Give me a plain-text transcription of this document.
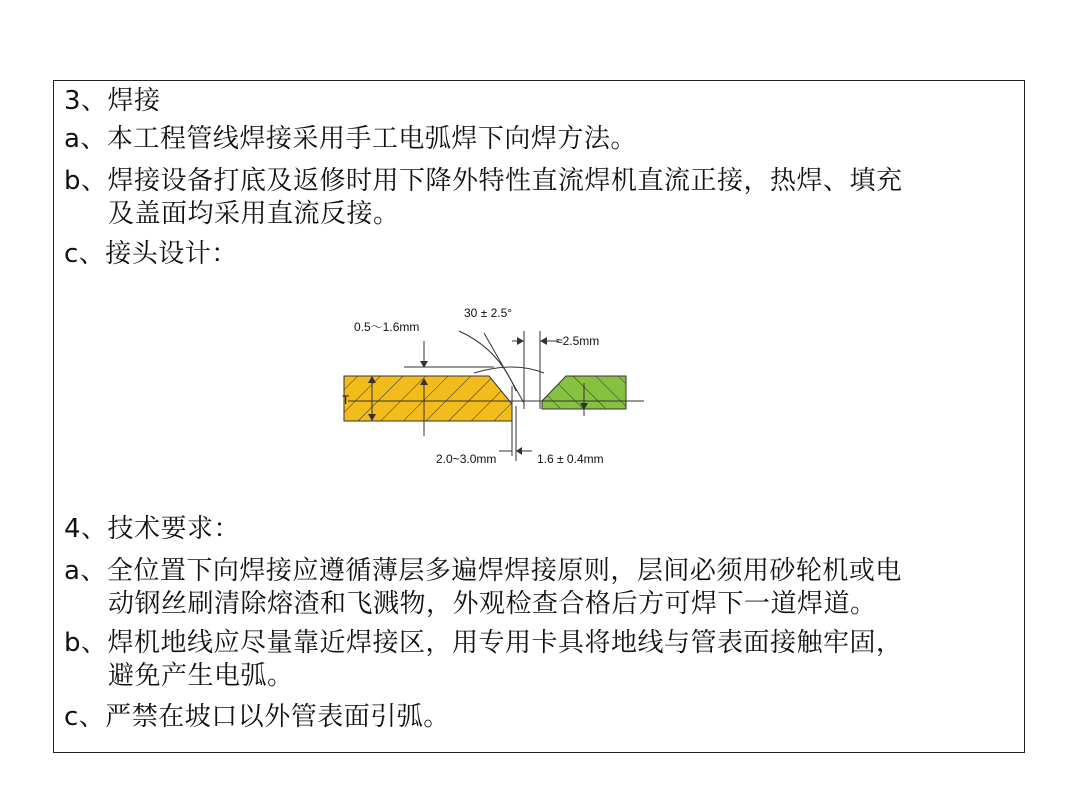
3、焊接
a、本工程管线焊接采用手工电弧焊下向焊方法。
b、焊接设备打底及返修时用下降外特性直流焊机直流正接，热焊、填充
及盖面均采用直流反接。
c、接头设计：
0.5～1.6mm
30 ± 2.5°
≈2.5mm
T
2.0~3.0mm	1.6 ± 0.4mm
4、技术要求：
a、全位置下向焊接应遵循薄层多遍焊焊接原则，层间必须用砂轮机或电
动钢丝刷清除熔渣和飞溅物，外观检查合格后方可焊下一道焊道。
b、焊机地线应尽量靠近焊接区，用专用卡具将地线与管表面接触牢固，
避免产生电弧。
c、严禁在坡口以外管表面引弧。
